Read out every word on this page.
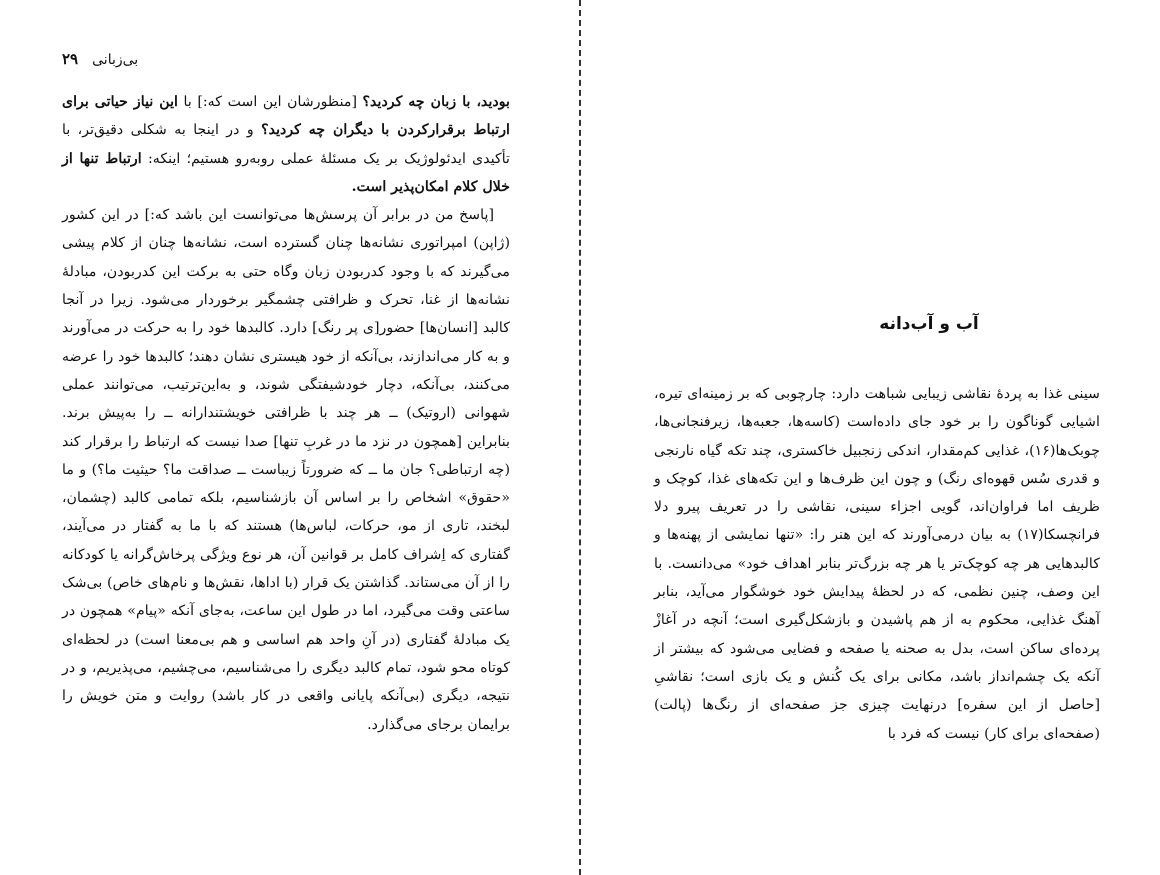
بی‌زبانی
۲۹

بودید، با زبان چه کردید؟ [منظورشان این است که:] با این نیاز حیاتی برای ارتباط برقرارکردن با دیگران چه کردید؟ و در اینجا به شکلی دقیق‌تر، با تأکیدی ایدئولوژیک بر یک مسئلهٔ عملی روبه‌رو هستیم؛ اینکه: ارتباط تنها از خلال کلام امکان‌پذیر است.

[پاسخ من در برابر آن پرسش‌ها می‌توانست این باشد که:] در این کشور (ژاپن) امپراتوری نشانه‌ها چنان گسترده است، نشانه‌ها چنان از کلام پیشی می‌گیرند که با وجود کدربودن زبان وگاه حتی به برکت این کدربودن، مبادلهٔ نشانه‌ها از غنا، تحرک و ظرافتی چشمگیر برخوردار می‌شود. زیرا در آنجا کالبد [انسان‌ها] حضور[ی پر رنگ] دارد. کالبدها خود را به حرکت در می‌آورند و به کار می‌اندازند، بی‌آنکه از خود هیستری نشان دهند؛ کالبدها خود را عرضه می‌کنند، بی‌آنکه، دچار خودشیفتگی شوند، و به‌این‌ترتیب، می‌توانند عملی شهوانی (اروتیک) ــ هر چند با ظرافتی خویشتندارانه ــ را به‌پیش برند. بنابراین [همچون در نزد ما در غربِ تنها] صدا نیست که ارتباط را برقرار کند (چه ارتباطی؟ جان ما ــ که ضرورتاً زیباست ــ صداقت ما؟ حیثیت ما؟) و ما «حقوق» اشخاص را بر اساس آن بازشناسیم، بلکه تمامی کالبد (چشمان، لبخند، تاری از مو، حرکات، لباس‌ها) هستند که با ما به گفتار در می‌آیند، گفتاری که اِشراف کامل بر قوانین آن، هر نوع ویژگی پرخاش‌گرانه یا کودکانه را از آن می‌ستاند. گذاشتن یک قرار (با اداها، نقش‌ها و نام‌های خاص) بی‌شک ساعتی وقت می‌گیرد، اما در طول این ساعت، به‌جای آنکه «پیام» همچون در یک مبادلهٔ گفتاری (در آنِ واحد هم اساسی و هم بی‌معنا است) در لحظه‌ای کوتاه محو شود، تمام کالبد دیگری را می‌شناسیم، می‌چشیم، می‌پذیریم، و در نتیجه، دیگری (بی‌آنکه پایانی واقعی در کار باشد) روایت و متن خویش را برایمان برجای می‌گذارد.

آب و آب‌دانه

سینی غذا به پردهٔ نقاشی زیبایی شباهت دارد: چارچوبی که بر زمینه‌ای تیره، اشیایی گوناگون را بر خود جای داده‌است (کاسه‌ها، جعبه‌ها، زیرفنجانی‌ها، چوبک‌ها(۱۶)، غذایی کم‌مقدار، اندکی زنجبیل خاکستری، چند تکه گیاه نارنجی و قدری سُس قهوه‌ای رنگ) و چون این ظرف‌ها و این تکه‌های غذا، کوچک و ظریف اما فراوان‌اند، گویی اجزاء سینی، نقاشی را در تعریف پیرو دلا فرانچسکا(۱۷) به بیان درمی‌آورند که این هنر را: «تنها نمایشی از پهنه‌ها و کالبدهایی هر چه کوچک‌تر یا هر چه بزرگ‌تر بنابر اهداف خود» می‌دانست. با این وصف، چنین نظمی، که در لحظهٔ پیدایش خود خوشگوار می‌آید، بنابر آهنگ غذایی، محکوم به از هم پاشیدن و بازشکل‌گیری است؛ آنچه در آغازْ پرده‌ای ساکن است، بدل به صحنه یا صفحه و فضایی می‌شود که بیشتر از آنکه یک چشم‌انداز باشد، مکانی برای یک کُنش و یک بازی است؛ نقاشیِ [حاصل از این سفره] درنهایت چیزی جز صفحه‌ای از رنگ‌ها (پالت) (صفحه‌ای برای کار) نیست که فرد با
